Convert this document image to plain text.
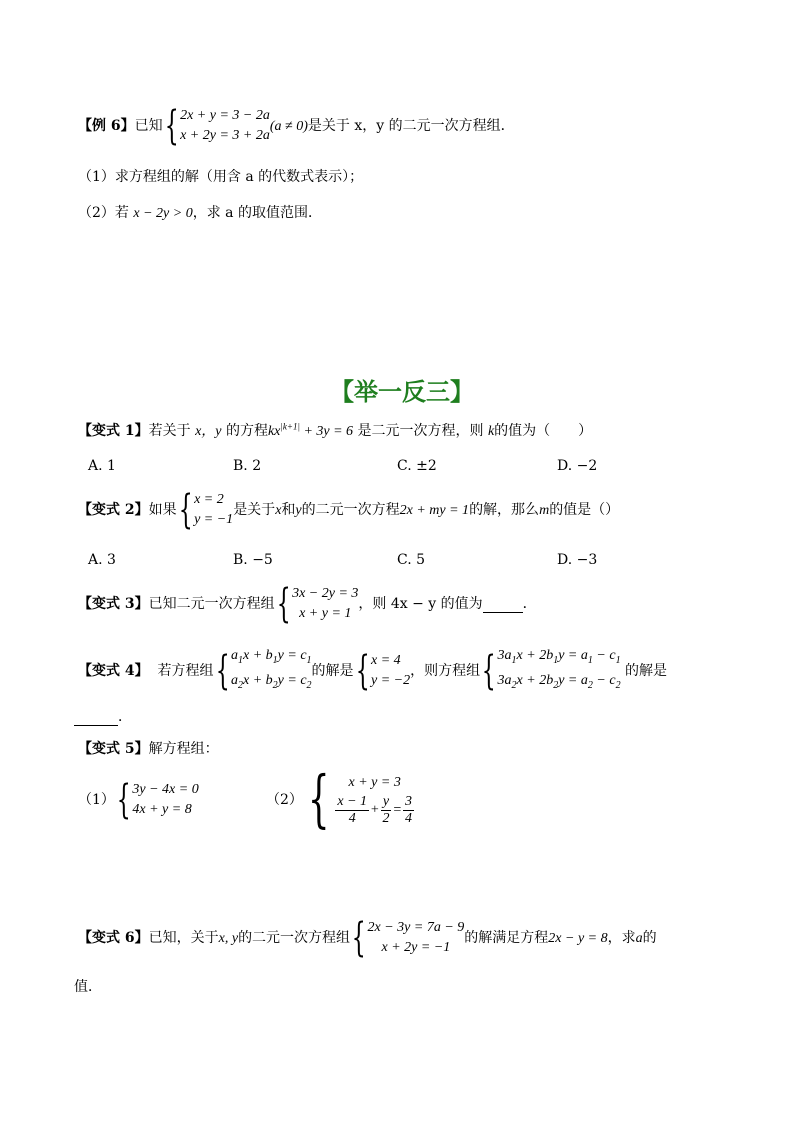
【例 6】已知 { 2x + y = 3 − 2a
x + 2y = 3 + 2a
(a ≠ 0)是关于 x，y 的二元一次方程组．
（1）求方程组的解（用含 a 的代数式表示）；
（2）若 x − 2y > 0，求 a 的取值范围．
【举一反三】
【变式 1】若关于 x，y 的方程$kx^{|k+1|} + 3y = 6$ 是二元一次方程，则 k的值为（　　）
A. 1	B. 2	C. ±2	D. −2
【变式 2】如果 { x = 2
y = −1
是关于x和y的二元一次方程2x + my = 1的解，那么m的值是（）
A. 3	B. −5	C. 5	D. −3
【变式 3】已知二元一次方程组 { 3x − 2y = 3
x + y = 1
，则 4x − y 的值为	．
【变式 4】 若方程组 { $a_1x + b_1y = c_1$
$a_2x + b_2y = c_2$
的解是 { x = 4
y = −2
，则方程组 { $3a_1x + 2b_1y = a_1 - c_1$
$3a_2x + 2b_2y = a_2 - c_2$
的解是
．
【变式 5】解方程组：
（1） { 3y − 4x = 0
4x + y = 8
（2） { x + y = 3
$\frac{x - 1}{4} + \frac{y}{2} = \frac{3}{4}$
【变式 6】已知，关于x, y的二元一次方程组 { 2x − 3y = 7a − 9
x + 2y = −1
的解满足方程2x − y = 8，求a的
值．
